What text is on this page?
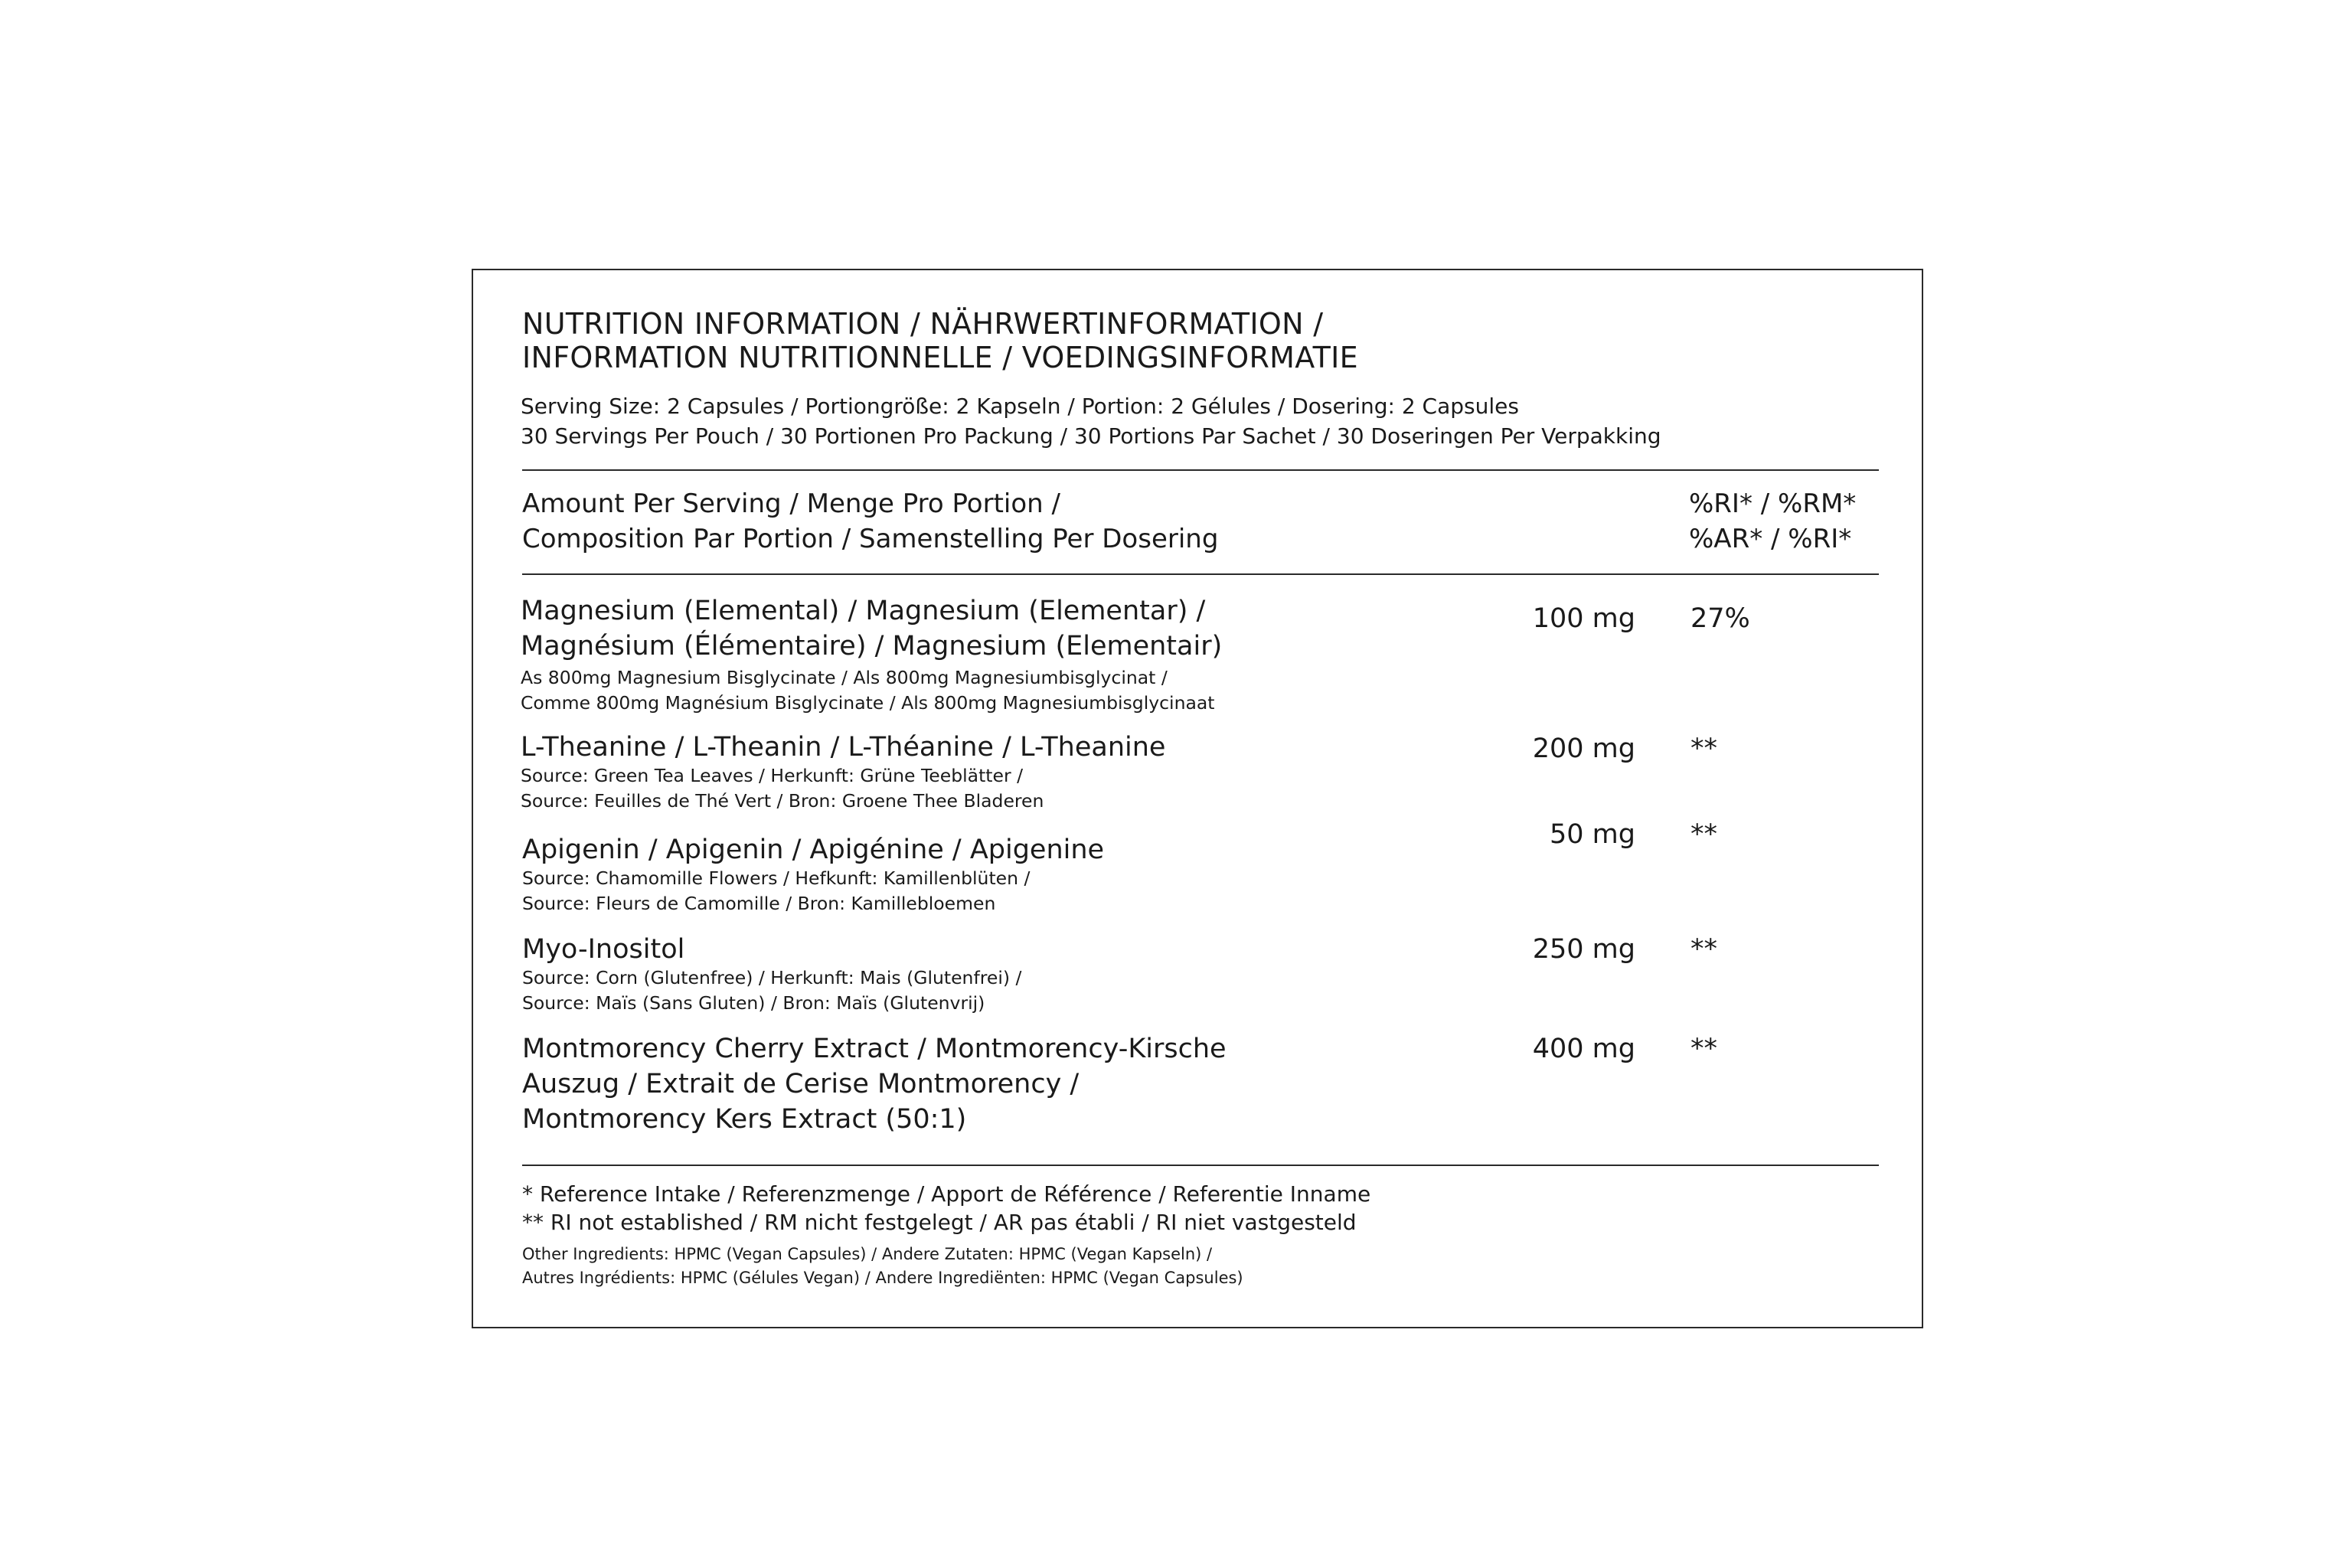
NUTRITION INFORMATION / NÄHRWERTINFORMATION /
INFORMATION NUTRITIONNELLE / VOEDINGSINFORMATIE
Serving Size: 2 Capsules / Portiongröße: 2 Kapseln / Portion: 2 Gélules / Dosering: 2 Capsules
30 Servings Per Pouch / 30 Portionen Pro Packung / 30 Portions Par Sachet / 30 Doseringen Per Verpakking
Amount Per Serving / Menge Pro Portion /
Composition Par Portion / Samenstelling Per Dosering
%RI* / %RM*
%AR* / %RI*
Magnesium (Elemental) / Magnesium (Elementar) /
Magnésium (Élémentaire) / Magnesium (Elementair)
As 800mg Magnesium Bisglycinate / Als 800mg Magnesiumbisglycinat /
Comme 800mg Magnésium Bisglycinate / Als 800mg Magnesiumbisglycinaat
100 mg 27%
L-Theanine / L-Theanin / L-Théanine / L-Theanine
Source: Green Tea Leaves / Herkunft: Grüne Teeblätter /
Source: Feuilles de Thé Vert / Bron: Groene Thee Bladeren
200 mg **
Apigenin / Apigenin / Apigénine / Apigenine
Source: Chamomille Flowers / Hefkunft: Kamillenblüten /
Source: Fleurs de Camomille / Bron: Kamillebloemen
50 mg **
Myo-Inositol
Source: Corn (Glutenfree) / Herkunft: Mais (Glutenfrei) /
Source: Maïs (Sans Gluten) / Bron: Maïs (Glutenvrij)
250 mg **
Montmorency Cherry Extract / Montmorency-Kirsche
Auszug / Extrait de Cerise Montmorency /
Montmorency Kers Extract (50:1)
400 mg **
* Reference Intake / Referenzmenge / Apport de Référence / Referentie Inname
** RI not established / RM nicht festgelegt / AR pas établi / RI niet vastgesteld
Other Ingredients: HPMC (Vegan Capsules) / Andere Zutaten: HPMC (Vegan Kapseln) /
Autres Ingrédients: HPMC (Gélules Vegan) / Andere Ingrediënten: HPMC (Vegan Capsules)
